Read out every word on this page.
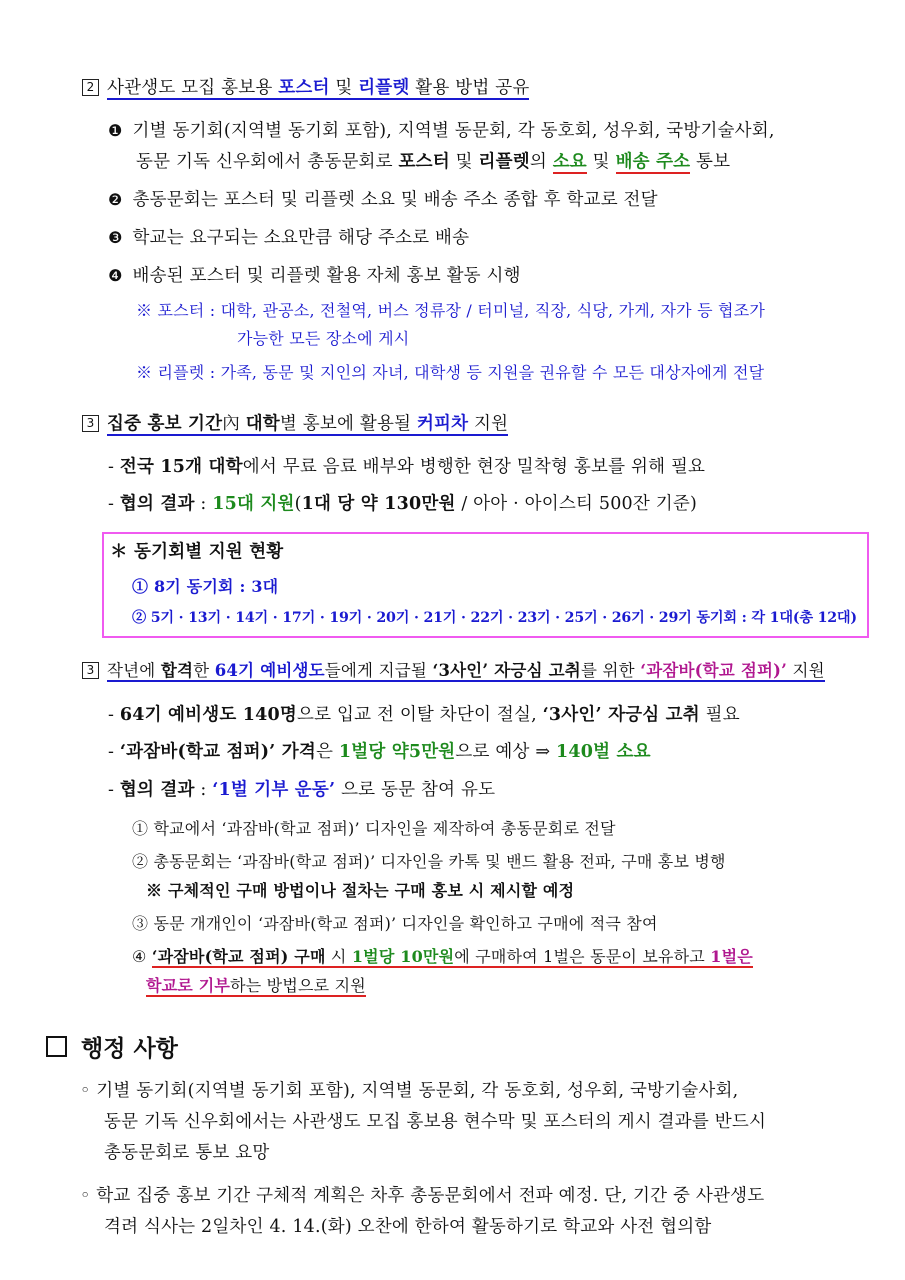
2 사관생도 모집 홍보용 포스터 및 리플렛 활용 방법 공유
❶ 기별 동기회(지역별 동기회 포함), 지역별 동문회, 각 동호회, 성우회, 국방기술사회,
동문 기독 신우회에서 총동문회로 포스터 및 리플렛의 소요 및 배송 주소 통보
❷ 총동문회는 포스터 및 리플렛 소요 및 배송 주소 종합 후 학교로 전달
❸ 학교는 요구되는 소요만큼 해당 주소로 배송
❹ 배송된 포스터 및 리플렛 활용 자체 홍보 활동 시행
※ 포스터 : 대학, 관공소, 전철역, 버스 정류장 / 터미널, 직장, 식당, 가게, 자가 등 협조가
가능한 모든 장소에 게시
※ 리플렛 : 가족, 동문 및 지인의 자녀, 대학생 등 지원을 권유할 수 모든 대상자에게 전달
3 집중 홍보 기간內 대학별 홍보에 활용될 커피차 지원
- 전국 15개 대학에서 무료 음료 배부와 병행한 현장 밀착형 홍보를 위해 필요
- 협의 결과 : 15대 지원(1대 당 약 130만원 / 아아 · 아이스티 500잔 기준)
＊ 동기회별 지원 현황
① 8기 동기회 : 3대
② 5기 · 13기 · 14기 · 17기 · 19기 · 20기 · 21기 · 22기 · 23기 · 25기 · 26기 · 29기 동기회 : 각 1대(총 12대)
3 작년에 합격한 64기 예비생도들에게 지급될 ‘3사인’ 자긍심 고취를 위한 ‘과잠바(학교 점퍼)’ 지원
- 64기 예비생도 140명으로 입교 전 이탈 차단이 절실, ‘3사인’ 자긍심 고취 필요
- ‘과잠바(학교 점퍼)’ 가격은 1벌당 약5만원으로 예상 ⇒ 140벌 소요
- 협의 결과 : ‘1벌 기부 운동’ 으로 동문 참여 유도
① 학교에서 ‘과잠바(학교 점퍼)’ 디자인을 제작하여 총동문회로 전달
② 총동문회는 ‘과잠바(학교 점퍼)’ 디자인을 카톡 및 밴드 활용 전파, 구매 홍보 병행
※ 구체적인 구매 방법이나 절차는 구매 홍보 시 제시할 예정
③ 동문 개개인이 ‘과잠바(학교 점퍼)’ 디자인을 확인하고 구매에 적극 참여
④ ‘과잠바(학교 점퍼) 구매 시 1벌당 10만원에 구매하여 1벌은 동문이 보유하고 1벌은
학교로 기부하는 방법으로 지원
행정 사항
◦ 기별 동기회(지역별 동기회 포함), 지역별 동문회, 각 동호회, 성우회, 국방기술사회,
동문 기독 신우회에서는 사관생도 모집 홍보용 현수막 및 포스터의 게시 결과를 반드시
총동문회로 통보 요망
◦ 학교 집중 홍보 기간 구체적 계획은 차후 총동문회에서 전파 예정. 단, 기간 중 사관생도
격려 식사는 2일차인 4. 14.(화) 오찬에 한하여 활동하기로 학교와 사전 협의함
